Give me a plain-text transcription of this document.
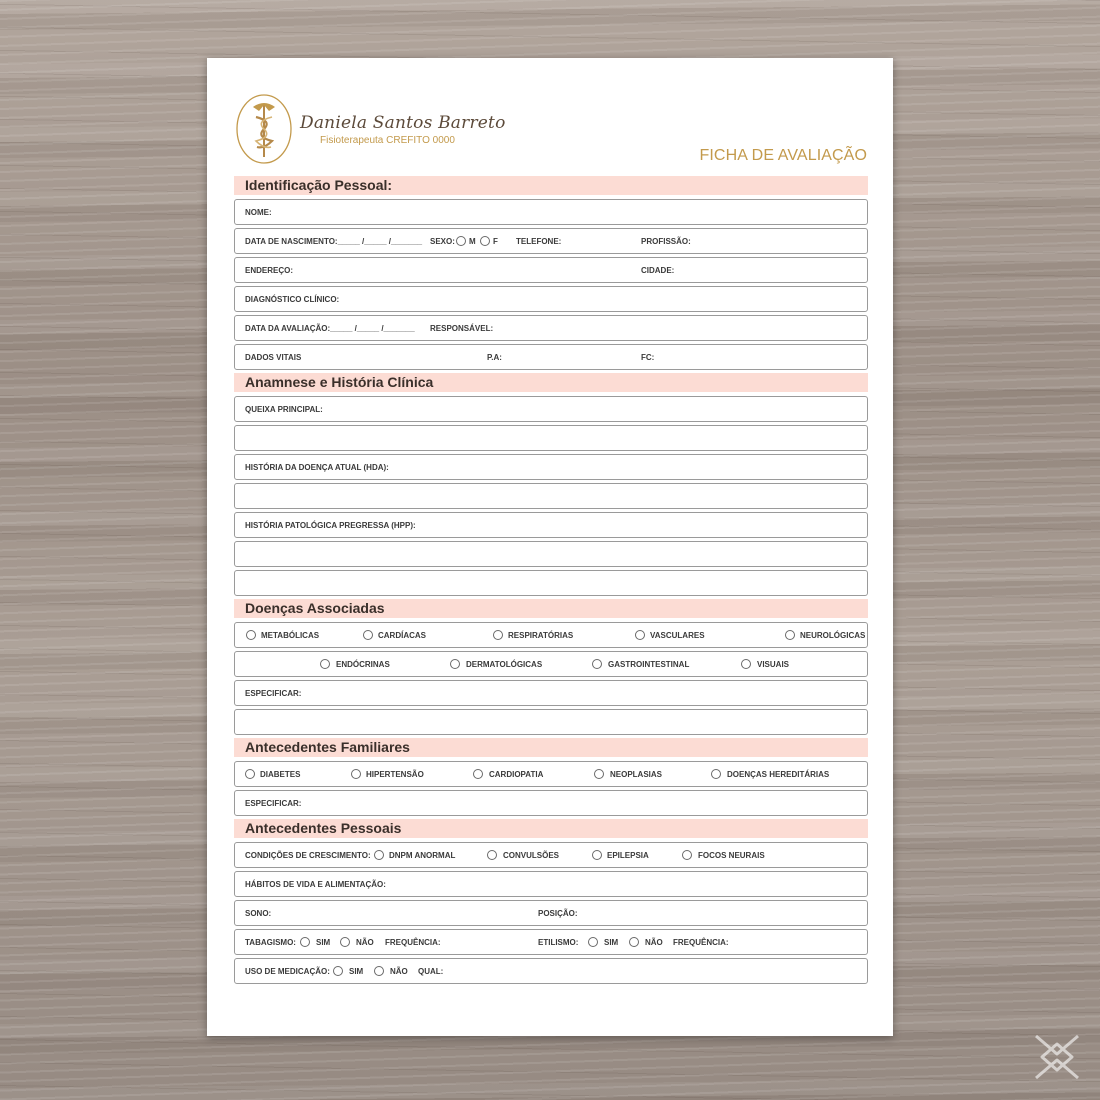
Daniela Santos Barreto
Fisioterapeuta CREFITO 0000
FICHA DE AVALIAÇÃO
Identificação Pessoal:
NOME:
DATA DE NASCIMENTO:_____ /_____ /_______ SEXO: M F TELEFONE:	PROFISSÃO:
ENDEREÇO:	CIDADE:
DIAGNÓSTICO CLÍNICO:
DATA DA AVALIAÇÃO:_____ /_____ /_______ RESPONSÁVEL:
DADOS VITAIS	P.A:	FC:
Anamnese e História Clínica
QUEIXA PRINCIPAL:
HISTÓRIA DA DOENÇA ATUAL (HDA):
HISTÓRIA PATOLÓGICA PREGRESSA (HPP):
Doenças Associadas
METABÓLICAS	CARDÍACAS	RESPIRATÓRIAS	VASCULARES	NEUROLÓGICAS
ENDÓCRINAS	DERMATOLÓGICAS	GASTROINTESTINAL	VISUAIS
ESPECIFICAR:
Antecedentes Familiares
DIABETES	HIPERTENSÃO	CARDIOPATIA	NEOPLASIAS	DOENÇAS HEREDITÁRIAS
ESPECIFICAR:
Antecedentes Pessoais
CONDIÇÕES DE CRESCIMENTO: DNPM ANORMAL	CONVULSÕES	EPILEPSIA	FOCOS NEURAIS
HÁBITOS DE VIDA E ALIMENTAÇÃO:
SONO:	POSIÇÃO:
TABAGISMO:	SIM	NÃO FREQUÊNCIA:	ETILISMO:	SIM	NÃO FREQUÊNCIA:
USO DE MEDICAÇÃO: SIM	NÃO QUAL:
